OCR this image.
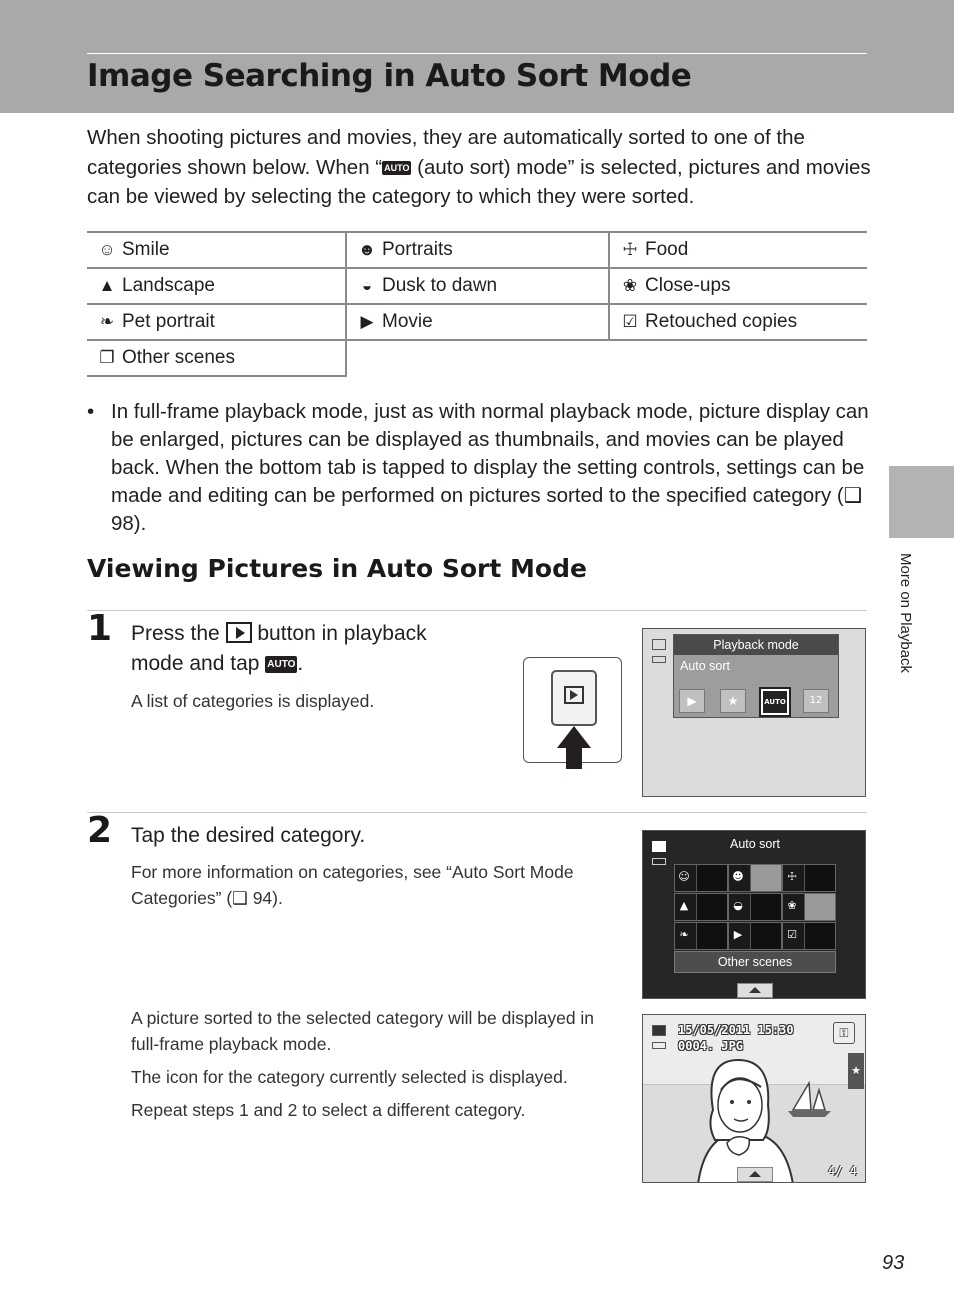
Image Searching in Auto Sort Mode
When shooting pictures and movies, they are automatically sorted to one of the categories shown below. When “ AUTO (auto sort) mode” is selected, pictures and movies can be viewed by selecting the category to which they were sorted.
☺ Smile	☻ Portraits	☩ Food
▲ Landscape	◒ Dusk to dawn	❀ Close-ups
❧ Pet portrait	▶ Movie	☑ Retouched copies
❐ Other scenes		
• In full-frame playback mode, just as with normal playback mode, picture display can be enlarged, pictures can be displayed as thumbnails, and movies can be played back. When the bottom tab is tapped to display the setting controls, settings can be made and editing can be performed on pictures sorted to the specified category (❑ 98).
Viewing Pictures in Auto Sort Mode
1 Press the  button in playback
mode and tap AUTO.
A list of categories is displayed.
Playback mode
Auto sort
▶	★	AUTO	12
2 Tap the desired category.
For more information on categories, see “Auto Sort Mode Categories” (❑ 94).
A picture sorted to the selected category will be displayed in full-frame playback mode.
The icon for the category currently selected is displayed.
Repeat steps 1 and 2 to select a different category.
Auto sort
☺	☻	☩
▲	◒	❀
❧	▶	☑
Other scenes
15/05/2011 15:30
0004. JPG
⚿
★
4/ 4
More on Playback
93
